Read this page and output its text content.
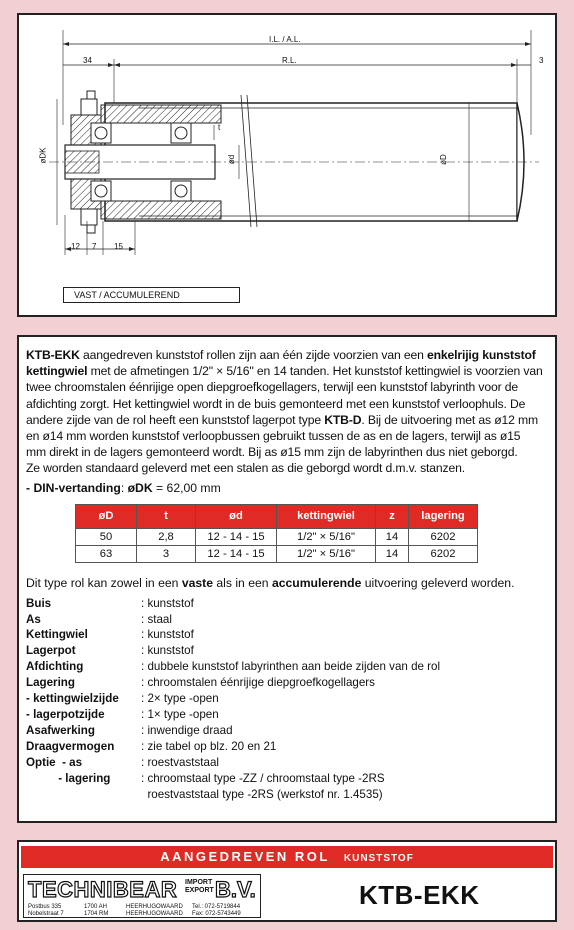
I.L. / A.L.
R.L.
34	3
12 7 15
øDK	ød	øD
t
VAST / ACCUMULEREND

KTB-EKK aangedreven kunststof rollen zijn aan één zijde voorzien van een enkelrijig kunststof kettingwiel met de afmetingen 1/2" × 5/16" en 14 tanden. Het kunststof kettingwiel is voorzien van twee chroomstalen éénrijige open diepgroefkogellagers, terwijl een kunststof labyrinth voor de afdichting zorgt. Het kettingwiel wordt in de buis gemonteerd met een kunststof verloophuls. De andere zijde van de rol heeft een kunststof lagerpot type KTB-D. Bij de uitvoering met as ø12 mm en ø14 mm worden kunststof verloopbussen gebruikt tussen de as en de lagers, terwijl as ø15 mm direkt in de lagers gemonteerd wordt. Bij as ø15 mm zijn de labyrinthen dus niet geborgd.
Ze worden standaard geleverd met een stalen as die geborgd wordt d.m.v. stanzen.

- DIN-vertanding: øDK = 62,00 mm
øD	t	ød	kettingwiel	z	lagering
50	2,8	12 - 14 - 15	1/2" × 5/16"	14	6202
63	3	12 - 14 - 15	1/2" × 5/16"	14	6202
Dit type rol kan zowel in een vaste als in een accumulerende uitvoering geleverd worden.
Buis	: kunststof
As	: staal
Kettingwiel	: kunststof
Lagerpot	: kunststof
Afdichting	: dubbele kunststof labyrinthen aan beide zijden van de rol
Lagering	: chroomstalen éénrijige diepgroefkogellagers
- kettingwielzijde	: 2× type -open
- lagerpotzijde	: 1× type -open
Asafwerking	: inwendige draad
Draagvermogen	: zie tabel op blz. 20 en 21
Optie  - as	: roestvaststaal
- lagering	: chroomstaal type -ZZ / chroomstaal type -2RS
roestvaststaal type -2RS (werkstof nr. 1.4535)
AANGEDREVEN ROL KUNSTSTOF
TECHNIBEAR IMPORT
EXPORT B.V.
Postbus 335
Nobelstraat 7
1700 AH
1704 RM
HEERHUGOWAARD
HEERHUGOWAARD
Tel.: 072-5719844
Fax: 072-5743449
KTB-EKK
